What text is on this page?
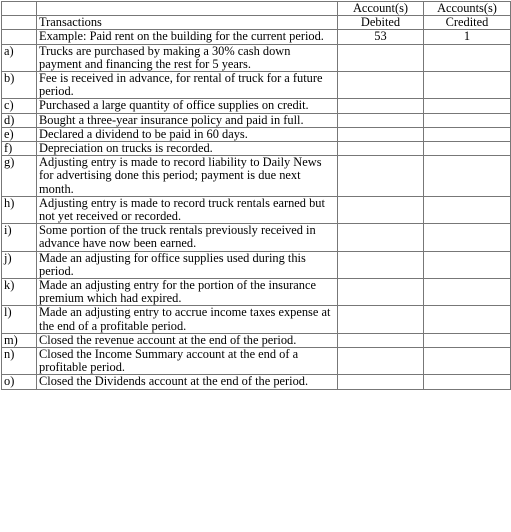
		Account(s)	Accounts(s)
	Transactions	Debited	Credited
	Example: Paid rent on the building for the current period.	53	1
a)	Trucks are purchased by making a 30% cash down payment and financing the rest for 5 years.		
b)	Fee is received in advance, for rental of truck for a future period.		
c)	Purchased a large quantity of office supplies on credit.		
d)	Bought a three-year insurance policy and paid in full.		
e)	Declared a dividend to be paid in 60 days.		
f)	Depreciation on trucks is recorded.		
g)	Adjusting entry is made to record liability to Daily News for advertising done this period; payment is due next month.		
h)	Adjusting entry is made to record truck rentals earned but not yet received or recorded.		
i)	Some portion of the truck rentals previously received in advance have now been earned.		
j)	Made an adjusting for office supplies used during this period.		
k)	Made an adjusting entry for the portion of the insurance premium which had expired.		
l)	Made an adjusting entry to accrue income taxes expense at the end of a profitable period.		
m)	Closed the revenue account at the end of the period.		
n)	Closed the Income Summary account at the end of a profitable period.		
o)	Closed the Dividends account at the end of the period.		
